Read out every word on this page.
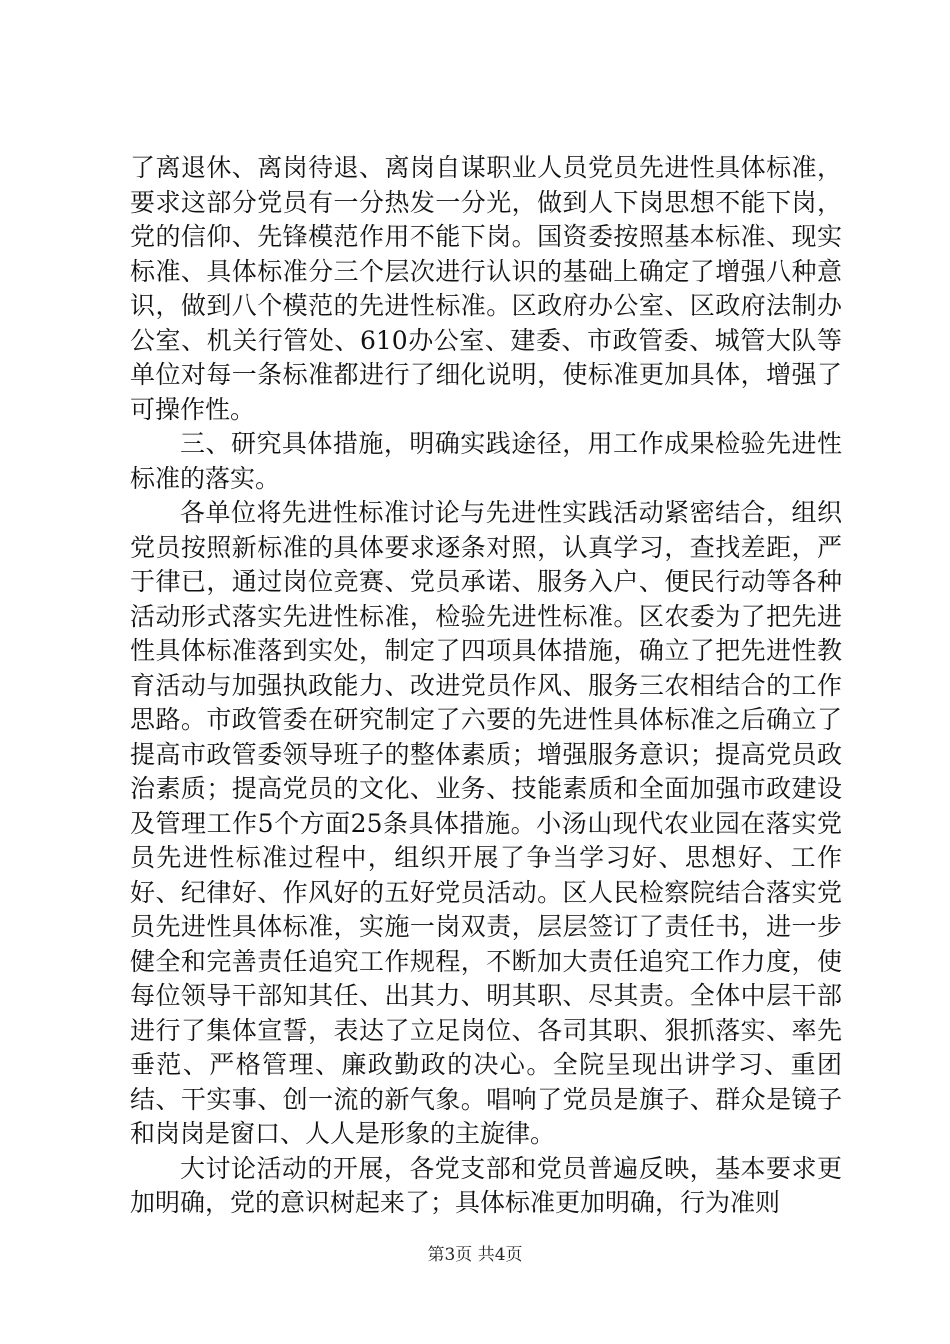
了离退休、离岗待退、离岗自谋职业人员党员先进性具体标准，要求这部分党员有一分热发一分光，做到人下岗思想不能下岗，党的信仰、先锋模范作用不能下岗。国资委按照基本标准、现实标准、具体标准分三个层次进行认识的基础上确定了增强八种意识，做到八个模范的先进性标准。区政府办公室、区政府法制办公室、机关行管处、610办公室、建委、市政管委、城管大队等单位对每一条标准都进行了细化说明，使标准更加具体，增强了可操作性。

三、研究具体措施，明确实践途径，用工作成果检验先进性标准的落实。

各单位将先进性标准讨论与先进性实践活动紧密结合，组织党员按照新标准的具体要求逐条对照，认真学习，查找差距，严于律已，通过岗位竞赛、党员承诺、服务入户、便民行动等各种活动形式落实先进性标准，检验先进性标准。区农委为了把先进性具体标准落到实处，制定了四项具体措施，确立了把先进性教育活动与加强执政能力、改进党员作风、服务三农相结合的工作思路。市政管委在研究制定了六要的先进性具体标准之后确立了提高市政管委领导班子的整体素质；增强服务意识；提高党员政治素质；提高党员的文化、业务、技能素质和全面加强市政建设及管理工作5个方面25条具体措施。小汤山现代农业园在落实党员先进性标准过程中，组织开展了争当学习好、思想好、工作好、纪律好、作风好的五好党员活动。区人民检察院结合落实党员先进性具体标准，实施一岗双责，层层签订了责任书，进一步健全和完善责任追究工作规程，不断加大责任追究工作力度，使每位领导干部知其任、出其力、明其职、尽其责。全体中层干部进行了集体宣誓，表达了立足岗位、各司其职、狠抓落实、率先垂范、严格管理、廉政勤政的决心。全院呈现出讲学习、重团结、干实事、创一流的新气象。唱响了党员是旗子、群众是镜子和岗岗是窗口、人人是形象的主旋律。

大讨论活动的开展，各党支部和党员普遍反映，基本要求更加明确，党的意识树起来了；具体标准更加明确，行为准则

第3页 共4页
